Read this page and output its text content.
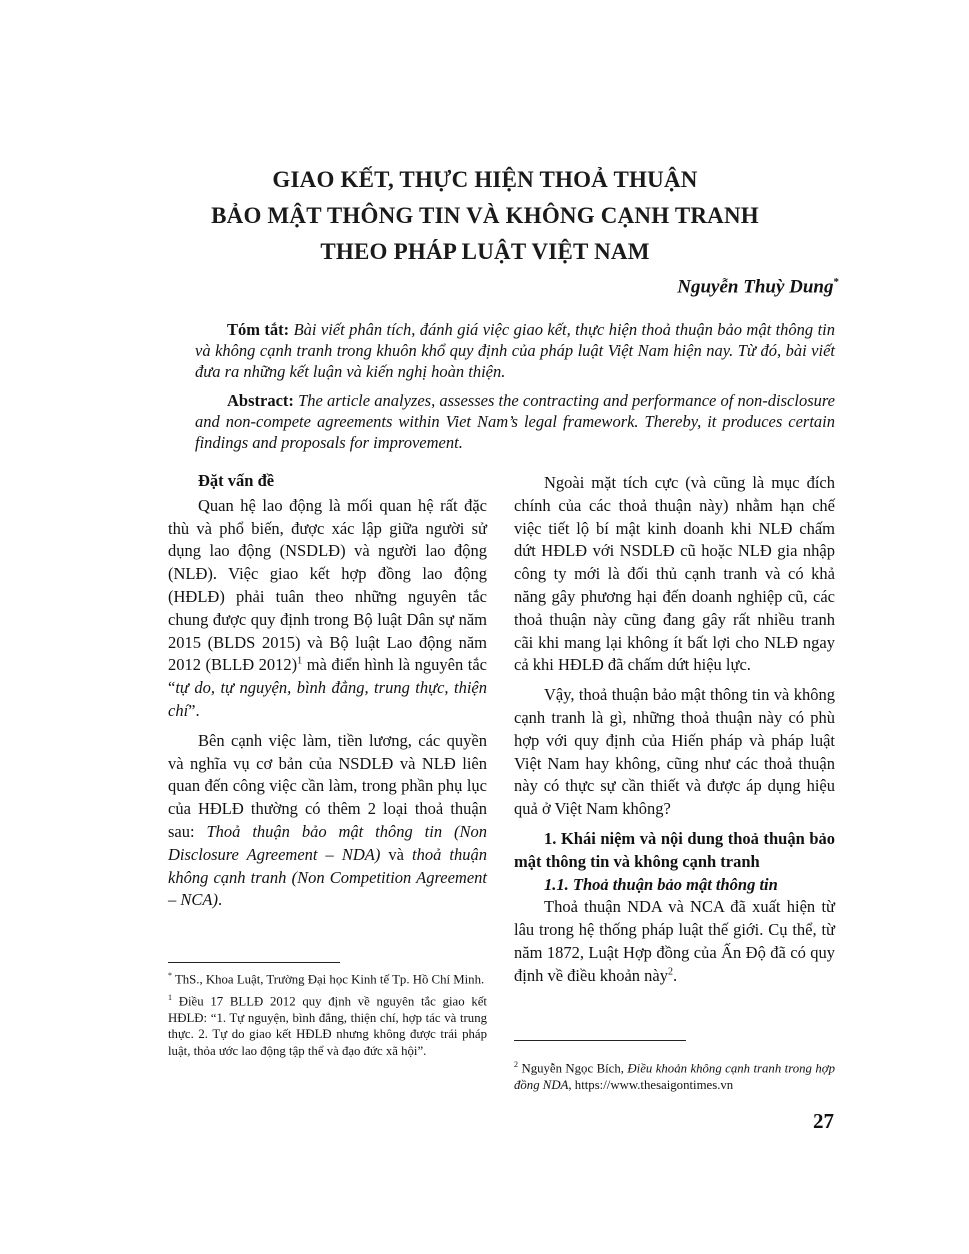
GIAO KẾT, THỰC HIỆN THOẢ THUẬN
BẢO MẬT THÔNG TIN VÀ KHÔNG CẠNH TRANH
THEO PHÁP LUẬT VIỆT NAM
Nguyễn Thuỳ Dung*
Tóm tắt: Bài viết phân tích, đánh giá việc giao kết, thực hiện thoả thuận bảo mật thông tin và không cạnh tranh trong khuôn khổ quy định của pháp luật Việt Nam hiện nay. Từ đó, bài viết đưa ra những kết luận và kiến nghị hoàn thiện.
Abstract: The article analyzes, assesses the contracting and performance of non-disclosure and non-compete agreements within Viet Nam’s legal framework. Thereby, it produces certain findings and proposals for improvement.

Đặt vấn đề

Quan hệ lao động là mối quan hệ rất đặc thù và phổ biến, được xác lập giữa người sử dụng lao động (NSDLĐ) và người lao động (NLĐ). Việc giao kết hợp đồng lao động (HĐLĐ) phải tuân theo những nguyên tắc chung được quy định trong Bộ luật Dân sự năm 2015 (BLDS 2015) và Bộ luật Lao động năm 2012 (BLLĐ 2012)$^1$ mà điển hình là nguyên tắc “tự do, tự nguyện, bình đẳng, trung thực, thiện chí”.

Bên cạnh việc làm, tiền lương, các quyền và nghĩa vụ cơ bản của NSDLĐ và NLĐ liên quan đến công việc cần làm, trong phần phụ lục của HĐLĐ thường có thêm 2 loại thoả thuận sau: Thoả thuận bảo mật thông tin (Non Disclosure Agreement – NDA) và thoả thuận không cạnh tranh (Non Competition Agreement – NCA).

Ngoài mặt tích cực (và cũng là mục đích chính của các thoả thuận này) nhằm hạn chế việc tiết lộ bí mật kinh doanh khi NLĐ chấm dứt HĐLĐ với NSDLĐ cũ hoặc NLĐ gia nhập công ty mới là đối thủ cạnh tranh và có khả năng gây phương hại đến doanh nghiệp cũ, các thoả thuận này cũng đang gây rất nhiều tranh cãi khi mang lại không ít bất lợi cho NLĐ ngay cả khi HĐLĐ đã chấm dứt hiệu lực.

Vậy, thoả thuận bảo mật thông tin và không cạnh tranh là gì, những thoả thuận này có phù hợp với quy định của Hiến pháp và pháp luật Việt Nam hay không, cũng như các thoả thuận này có thực sự cần thiết và được áp dụng hiệu quả ở Việt Nam không?

1. Khái niệm và nội dung thoả thuận bảo mật thông tin và không cạnh tranh

1.1. Thoả thuận bảo mật thông tin

Thoả thuận NDA và NCA đã xuất hiện từ lâu trong hệ thống pháp luật thế giới. Cụ thể, từ năm 1872, Luật Hợp đồng của Ấn Độ đã có quy định về điều khoản này$^2$.

* ThS., Khoa Luật, Trường Đại học Kinh tế Tp. Hồ Chí Minh.

$^1$ Điều 17 BLLĐ 2012 quy định về nguyên tắc giao kết HĐLĐ: “1. Tự nguyện, bình đẳng, thiện chí, hợp tác và trung thực. 2. Tự do giao kết HĐLĐ nhưng không được trái pháp luật, thỏa ước lao động tập thể và đạo đức xã hội”.

$^2$ Nguyễn Ngọc Bích, Điều khoản không cạnh tranh trong hợp đồng NDA, https://www.thesaigontimes.vn

27
